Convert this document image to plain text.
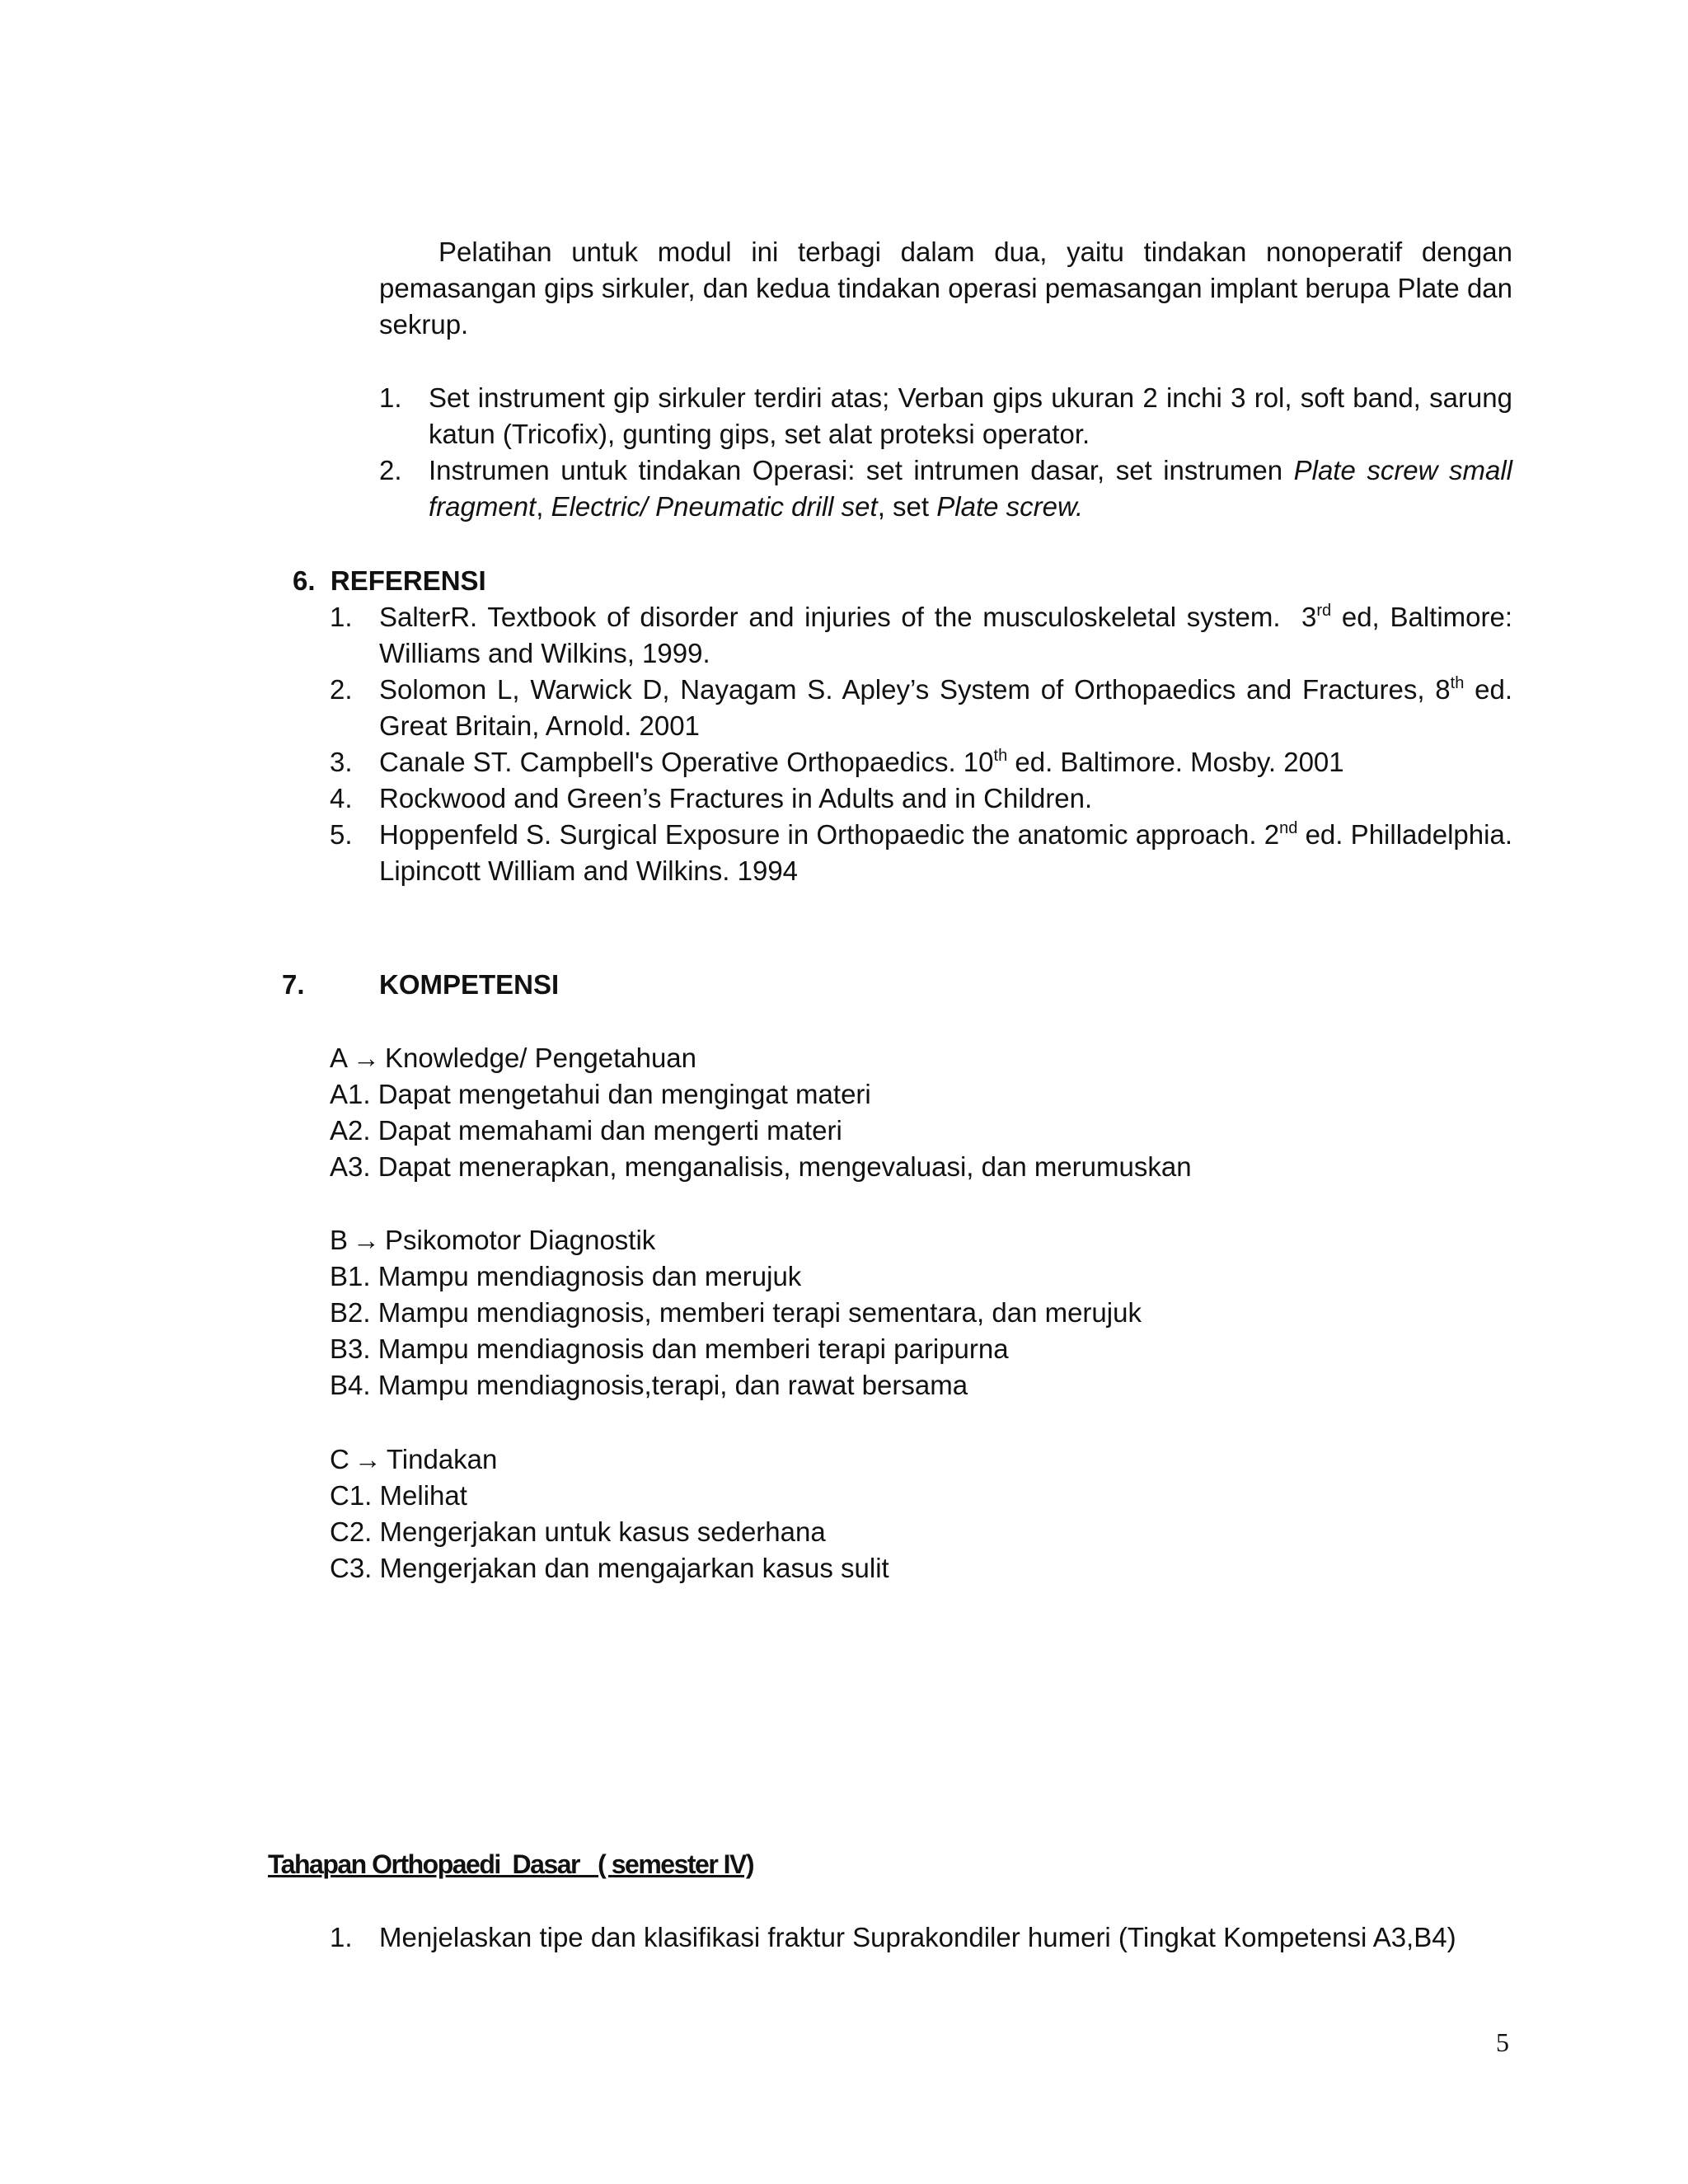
Pelatihan untuk modul ini terbagi dalam dua, yaitu tindakan nonoperatif dengan pemasangan gips sirkuler, dan kedua tindakan operasi pemasangan implant berupa Plate dan sekrup.
1. Set instrument gip sirkuler terdiri atas; Verban gips ukuran 2 inchi 3 rol, soft band, sarung katun (Tricofix), gunting gips, set alat proteksi operator.
2. Instrumen untuk tindakan Operasi: set intrumen dasar, set instrumen Plate screw small fragment, Electric/ Pneumatic drill set, set Plate screw.
6.  REFERENSI
1. SalterR. Textbook of disorder and injuries of the musculoskeletal system.  3rd ed, Baltimore: Williams and Wilkins, 1999.
2. Solomon L, Warwick D, Nayagam S. Apley’s System of Orthopaedics and Fractures, 8th ed. Great Britain, Arnold. 2001
3. Canale ST. Campbell's Operative Orthopaedics. 10th ed. Baltimore. Mosby. 2001
4. Rockwood and Green’s Fractures in Adults and in Children.
5. Hoppenfeld S. Surgical Exposure in Orthopaedic the anatomic approach. 2nd ed. Philladelphia. Lipincott William and Wilkins. 1994
7.	KOMPETENSI
A → Knowledge/ Pengetahuan
A1. Dapat mengetahui dan mengingat materi
A2. Dapat memahami dan mengerti materi
A3. Dapat menerapkan, menganalisis, mengevaluasi, dan merumuskan
B → Psikomotor Diagnostik
B1. Mampu mendiagnosis dan merujuk
B2. Mampu mendiagnosis, memberi terapi sementara, dan merujuk
B3. Mampu mendiagnosis dan memberi terapi paripurna
B4. Mampu mendiagnosis,terapi, dan rawat bersama
C → Tindakan
C1. Melihat
C2. Mengerjakan untuk kasus sederhana
C3. Mengerjakan dan mengajarkan kasus sulit
Tahapan Orthopaedi  Dasar   ( semester IV)
1. Menjelaskan tipe dan klasifikasi fraktur Suprakondiler humeri (Tingkat Kompetensi A3,B4)
5
